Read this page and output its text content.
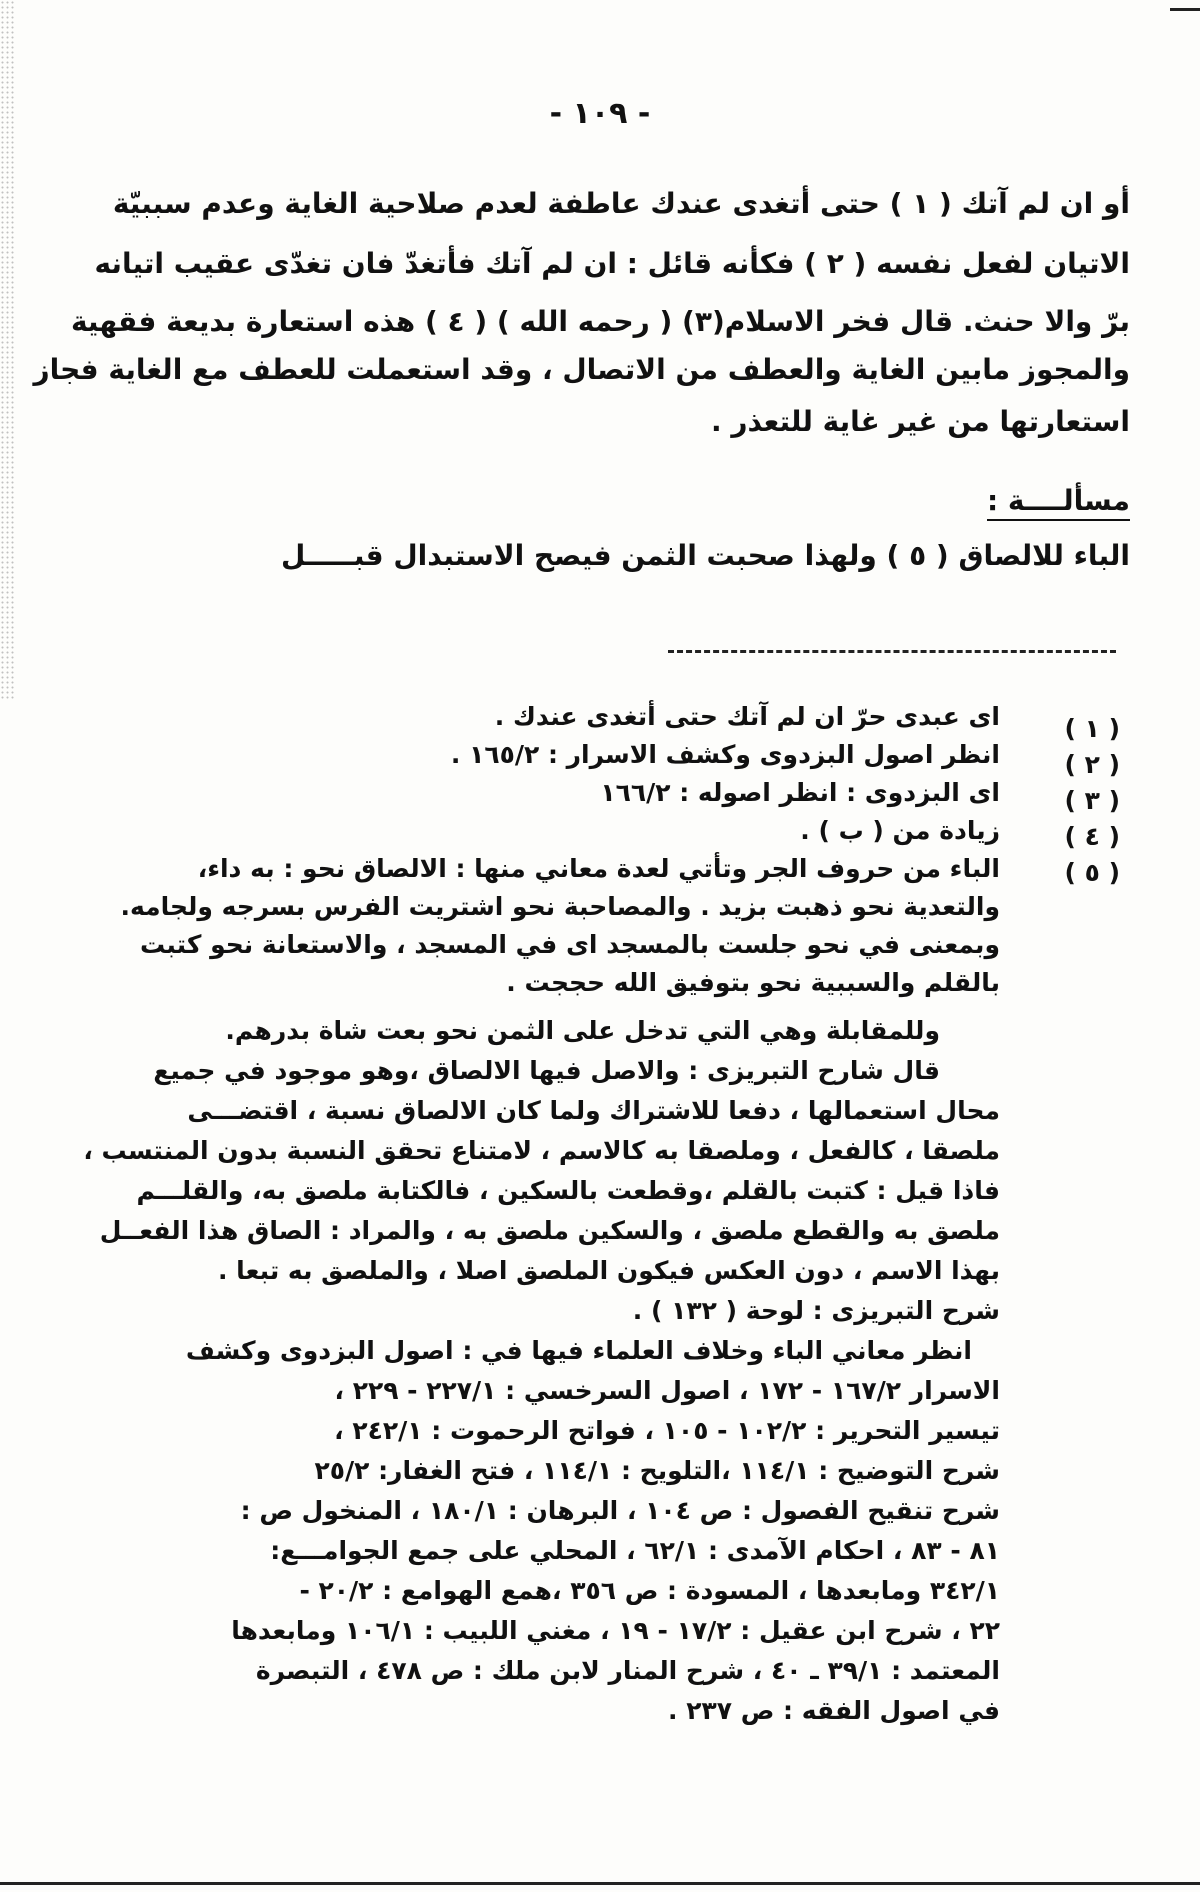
- ١٠٩ -
أو ان لم آتك ( ١ ) حتى أتغدى عندك عاطفة لعدم صلاحية الغاية وعدم سببيّة
الاتيان لفعل نفسه ( ٢ ) فكأنه قائل : ان لم آتك فأتغدّ فان تغدّى عقيب اتيانه
برّ والا حنث. قال فخر الاسلام(٣) ( رحمه الله ) ( ٤ ) هذه استعارة بديعة فقهية
والمجوز مابين الغاية والعطف من الاتصال ، وقد استعملت للعطف مع الغاية فجاز
استعارتها من غير غاية للتعذر .
الباء للالصاق ( ٥ ) ولهذا صحبت الثمن فيصح الاستبدال قبـــــل
مسألــــة :
( ١ )
( ٢ )
( ٣ )
( ٤ )
( ٥ )
اى عبدى حرّ ان لم آتك حتى أتغدى عندك .
انظر اصول البزدوى وكشف الاسرار : ١٦٥/٢ .
اى البزدوى : انظر اصوله : ١٦٦/٢
زيادة من ( ب ) .
الباء من حروف الجر وتأتي لعدة معاني منها : الالصاق نحو : به داء،
والتعدية نحو ذهبت بزيد . والمصاحبة نحو اشتريت الفرس بسرجه ولجامه.
وبمعنى في نحو جلست بالمسجد اى في المسجد ، والاستعانة نحو كتبت
بالقلم والسببية نحو بتوفيق الله حججت .
وللمقابلة وهي التي تدخل على الثمن نحو بعت شاة بدرهم.
قال شارح التبريزى : والاصل فيها الالصاق ،وهو موجود في جميع
محال استعمالها ، دفعا للاشتراك ولما كان الالصاق نسبة ، اقتضـــى
ملصقا ، كالفعل ، وملصقا به كالاسم ، لامتناع تحقق النسبة بدون المنتسب ،
فاذا قيل : كتبت بالقلم ،وقطعت بالسكين ، فالكتابة ملصق به، والقلـــم
ملصق به والقطع ملصق ، والسكين ملصق به ، والمراد : الصاق هذا الفعــل
بهذا الاسم ، دون العكس فيكون الملصق اصلا ، والملصق به تبعا .
شرح التبريزى : لوحة ( ١٣٢ ) .
انظر معاني الباء وخلاف العلماء فيها في : اصول البزدوى وكشف
الاسرار ١٦٧/٢ - ١٧٢ ، اصول السرخسي : ٢٢٧/١ - ٢٢٩ ،
تيسير التحرير : ١٠٢/٢ - ١٠٥ ، فواتح الرحموت : ٢٤٢/١ ،
شرح التوضيح : ١١٤/١ ،التلويح : ١١٤/١ ، فتح الغفار: ٢٥/٢
شرح تنقيح الفصول : ص ١٠٤ ، البرهان : ١٨٠/١ ، المنخول ص :
٨١ - ٨٣ ، احكام الآمدى : ٦٢/١ ، المحلي على جمع الجوامـــع:
٣٤٢/١ ومابعدها ، المسودة : ص ٣٥٦ ،همع الهوامع : ٢٠/٢ -
٢٢ ، شرح ابن عقيل : ١٧/٢ - ١٩ ، مغني اللبيب : ١٠٦/١ ومابعدها
المعتمد : ٣٩/١ ـ ٤٠ ، شرح المنار لابن ملك : ص ٤٧٨ ، التبصرة
في اصول الفقه : ص ٢٣٧ .
